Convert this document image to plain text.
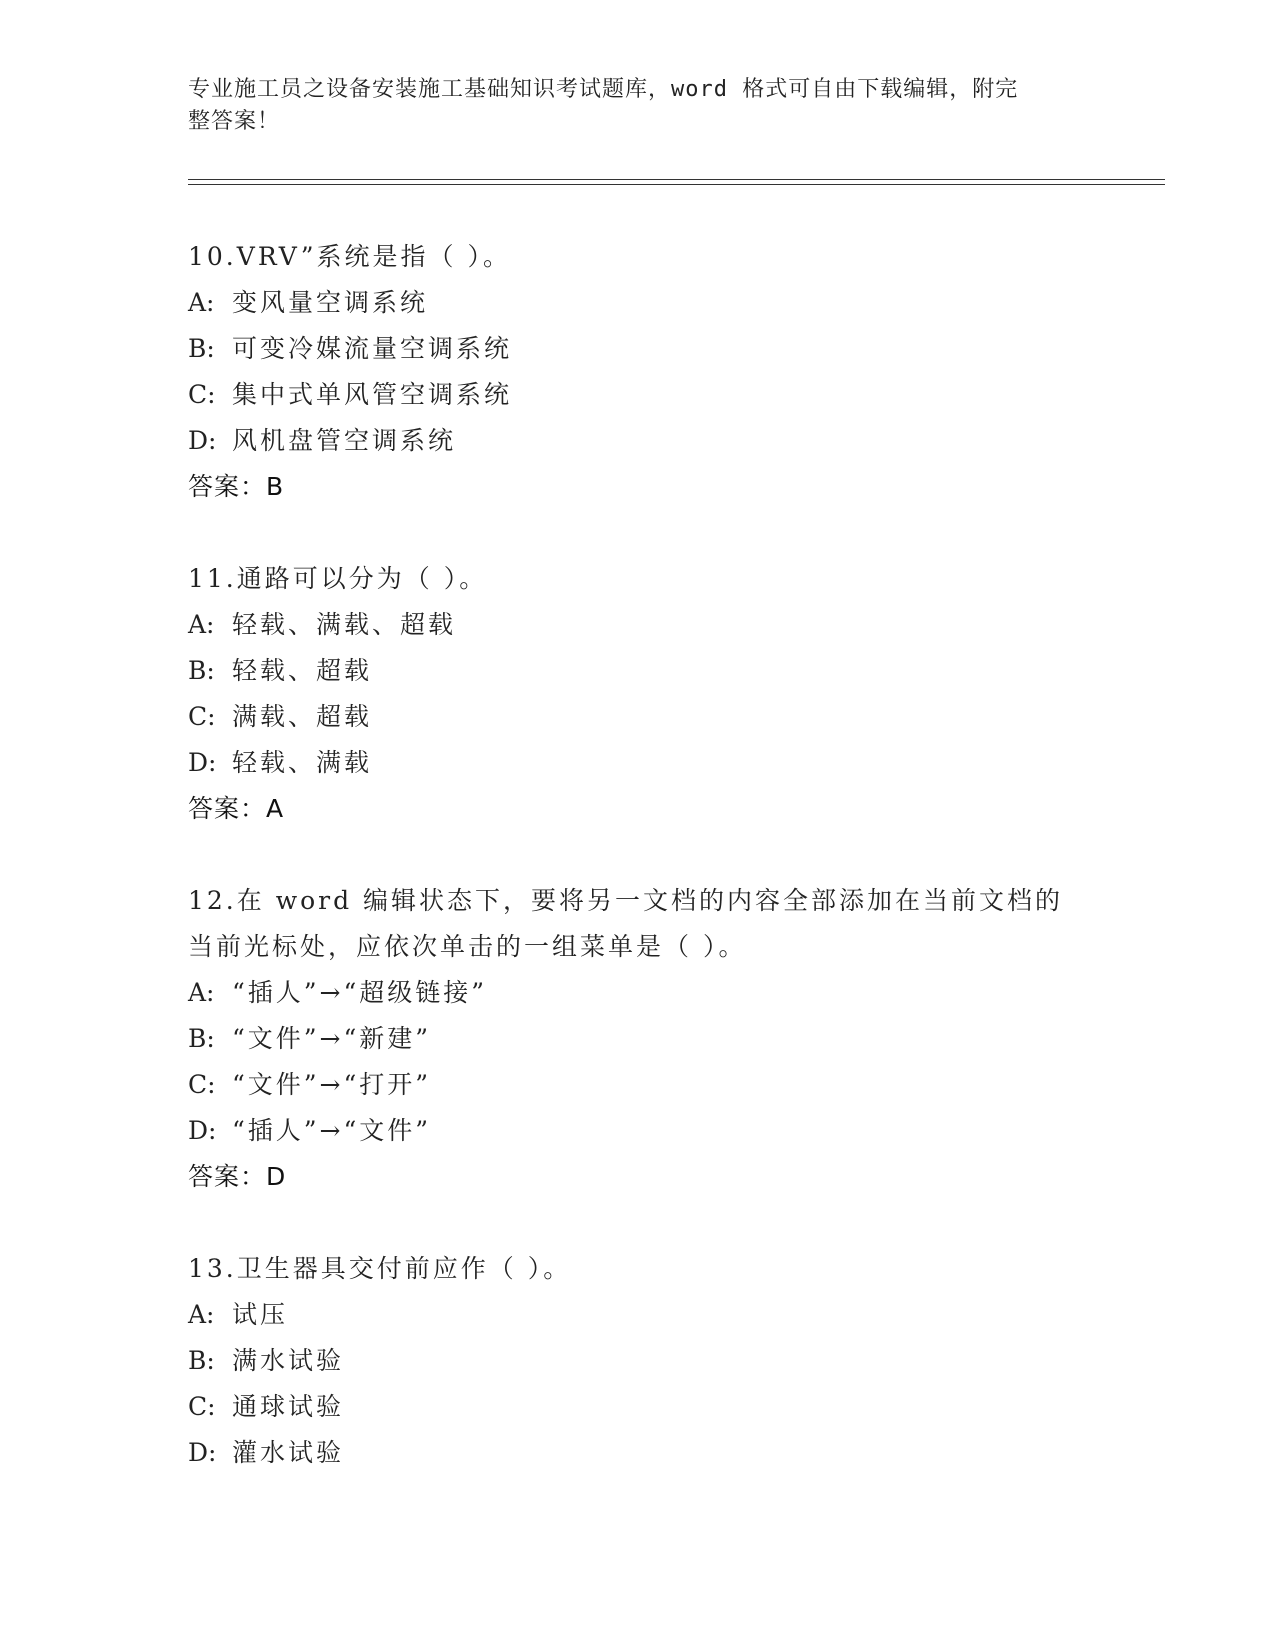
专业施工员之设备安装施工基础知识考试题库，word 格式可自由下载编辑，附完
整答案！
10.VRV”系统是指（ ）。
A: 变风量空调系统
B: 可变冷媒流量空调系统
C: 集中式单风管空调系统
D: 风机盘管空调系统
答案：B
11.通路可以分为（ ）。
A: 轻载、满载、超载
B: 轻载、超载
C: 满载、超载
D: 轻载、满载
答案：A
12.在 word 编辑状态下，要将另一文档的内容全部添加在当前文档的
当前光标处，应依次单击的一组菜单是（ ）。
A: “插人”→“超级链接”
B: “文件”→“新建”
C: “文件”→“打开”
D: “插人”→“文件”
答案：D
13.卫生器具交付前应作（ ）。
A: 试压
B: 满水试验
C: 通球试验
D: 灌水试验
